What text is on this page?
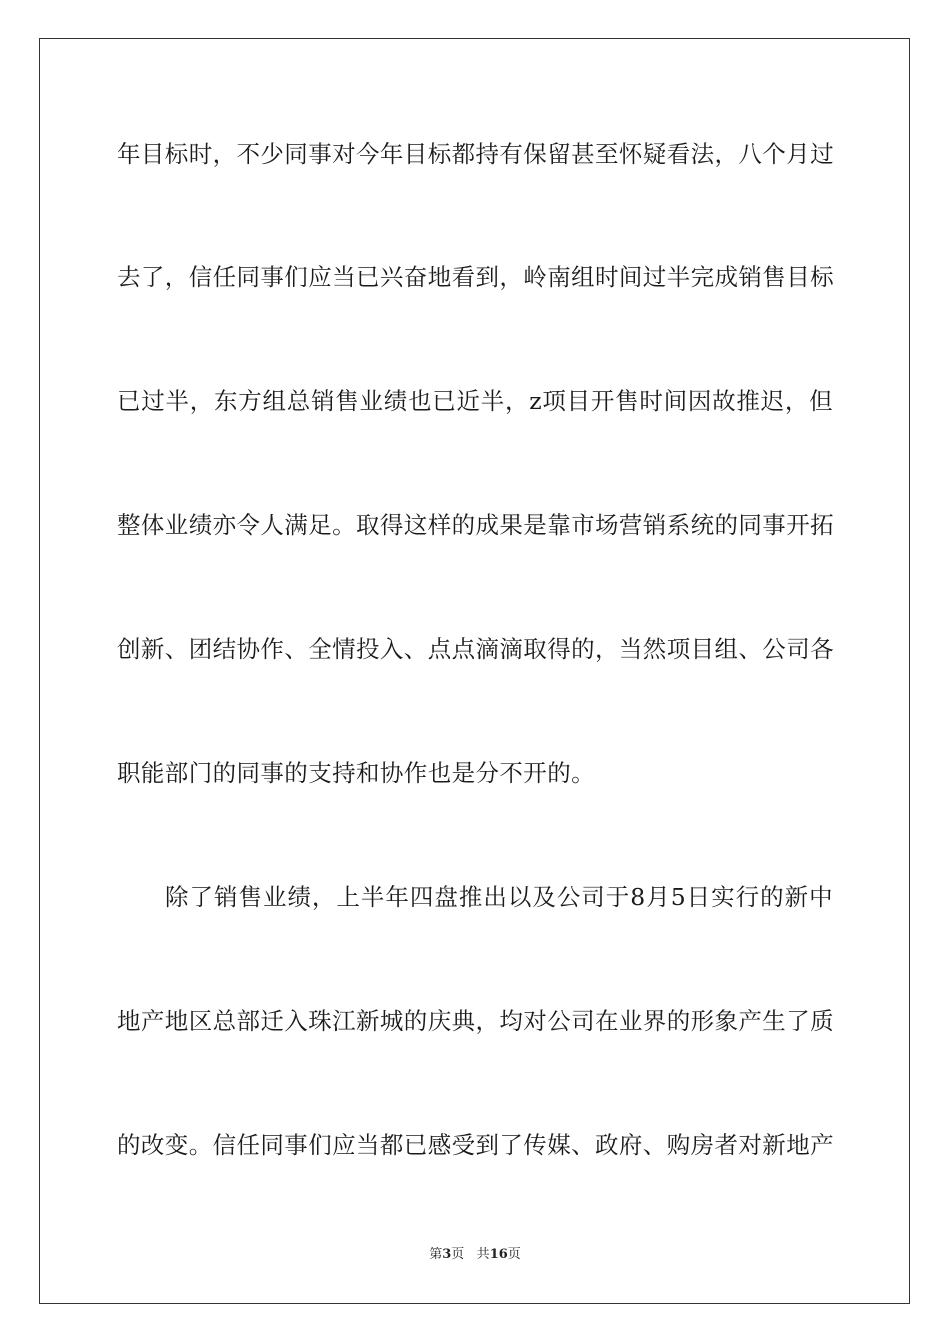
年目标时，不少同事对今年目标都持有保留甚至怀疑看法，八个月过
去了，信任同事们应当已兴奋地看到，岭南组时间过半完成销售目标
已过半，东方组总销售业绩也已近半，z项目开售时间因故推迟，但
整体业绩亦令人满足。取得这样的成果是靠市场营销系统的同事开拓
创新、团结协作、全情投入、点点滴滴取得的，当然项目组、公司各
职能部门的同事的支持和协作也是分不开的。
除了销售业绩，上半年四盘推出以及公司于8月5日实行的新中
地产地区总部迁入珠江新城的庆典，均对公司在业界的形象产生了质
的改变。信任同事们应当都已感受到了传媒、政府、购房者对新地产
第3页 共16页
